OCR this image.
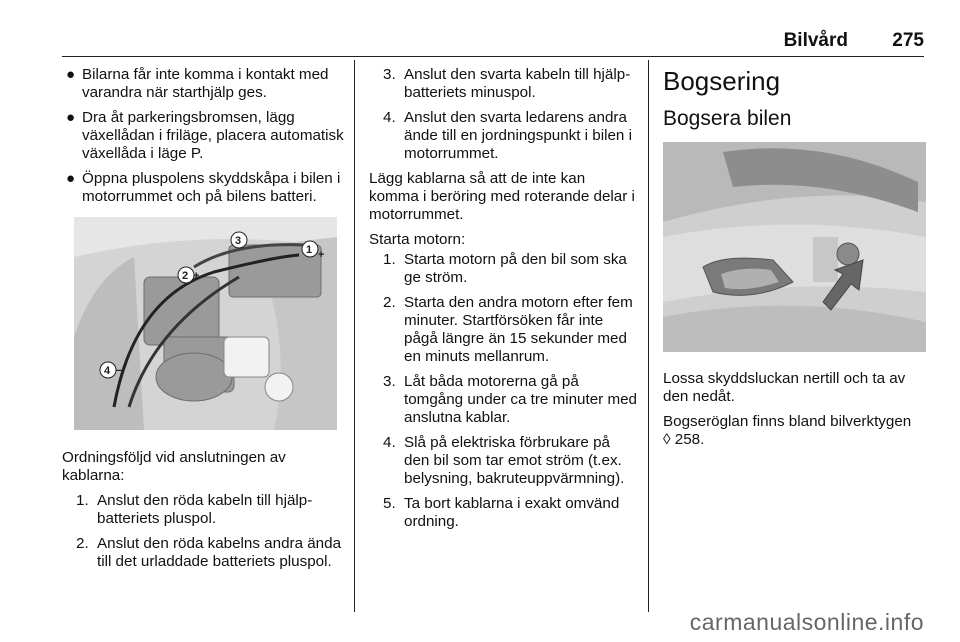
Bilvård 275
● Bilarna får inte komma i kontakt med varandra när starthjälp ges.
● Dra åt parkeringsbromsen, lägg växellådan i friläge, placera automatisk växellåda i läge P.
● Öppna pluspolens skyddskåpa i bilen i motorrummet och på bilens batteri.
2 +
3
1 +
4 −
Ordningsföljd vid anslutningen av kablarna:
1. Anslut den röda kabeln till hjälp-batteriets pluspol.
2. Anslut den röda kabelns andra ända till det urladdade batteriets pluspol.
3. Anslut den svarta kabeln till hjälp-batteriets minuspol.
4. Anslut den svarta ledarens andra ände till en jordningspunkt i bilen i motorrummet.
Lägg kablarna så att de inte kan komma i beröring med roterande delar i motorrummet.
Starta motorn:
1. Starta motorn på den bil som ska ge ström.
2. Starta den andra motorn efter fem minuter. Startförsöken får inte pågå längre än 15 sekunder med en minuts mellanrum.
3. Låt båda motorerna gå på tomgång under ca tre minuter med anslutna kablar.
4. Slå på elektriska förbrukare på den bil som tar emot ström (t.ex. belysning, bakruteuppvärmning).
5. Ta bort kablarna i exakt omvänd ordning.
Bogsering
Bogsera bilen
Lossa skyddsluckan nertill och ta av den nedåt.
Bogseröglan finns bland bilverktygen
◊ 258.
carmanualsonline.info
